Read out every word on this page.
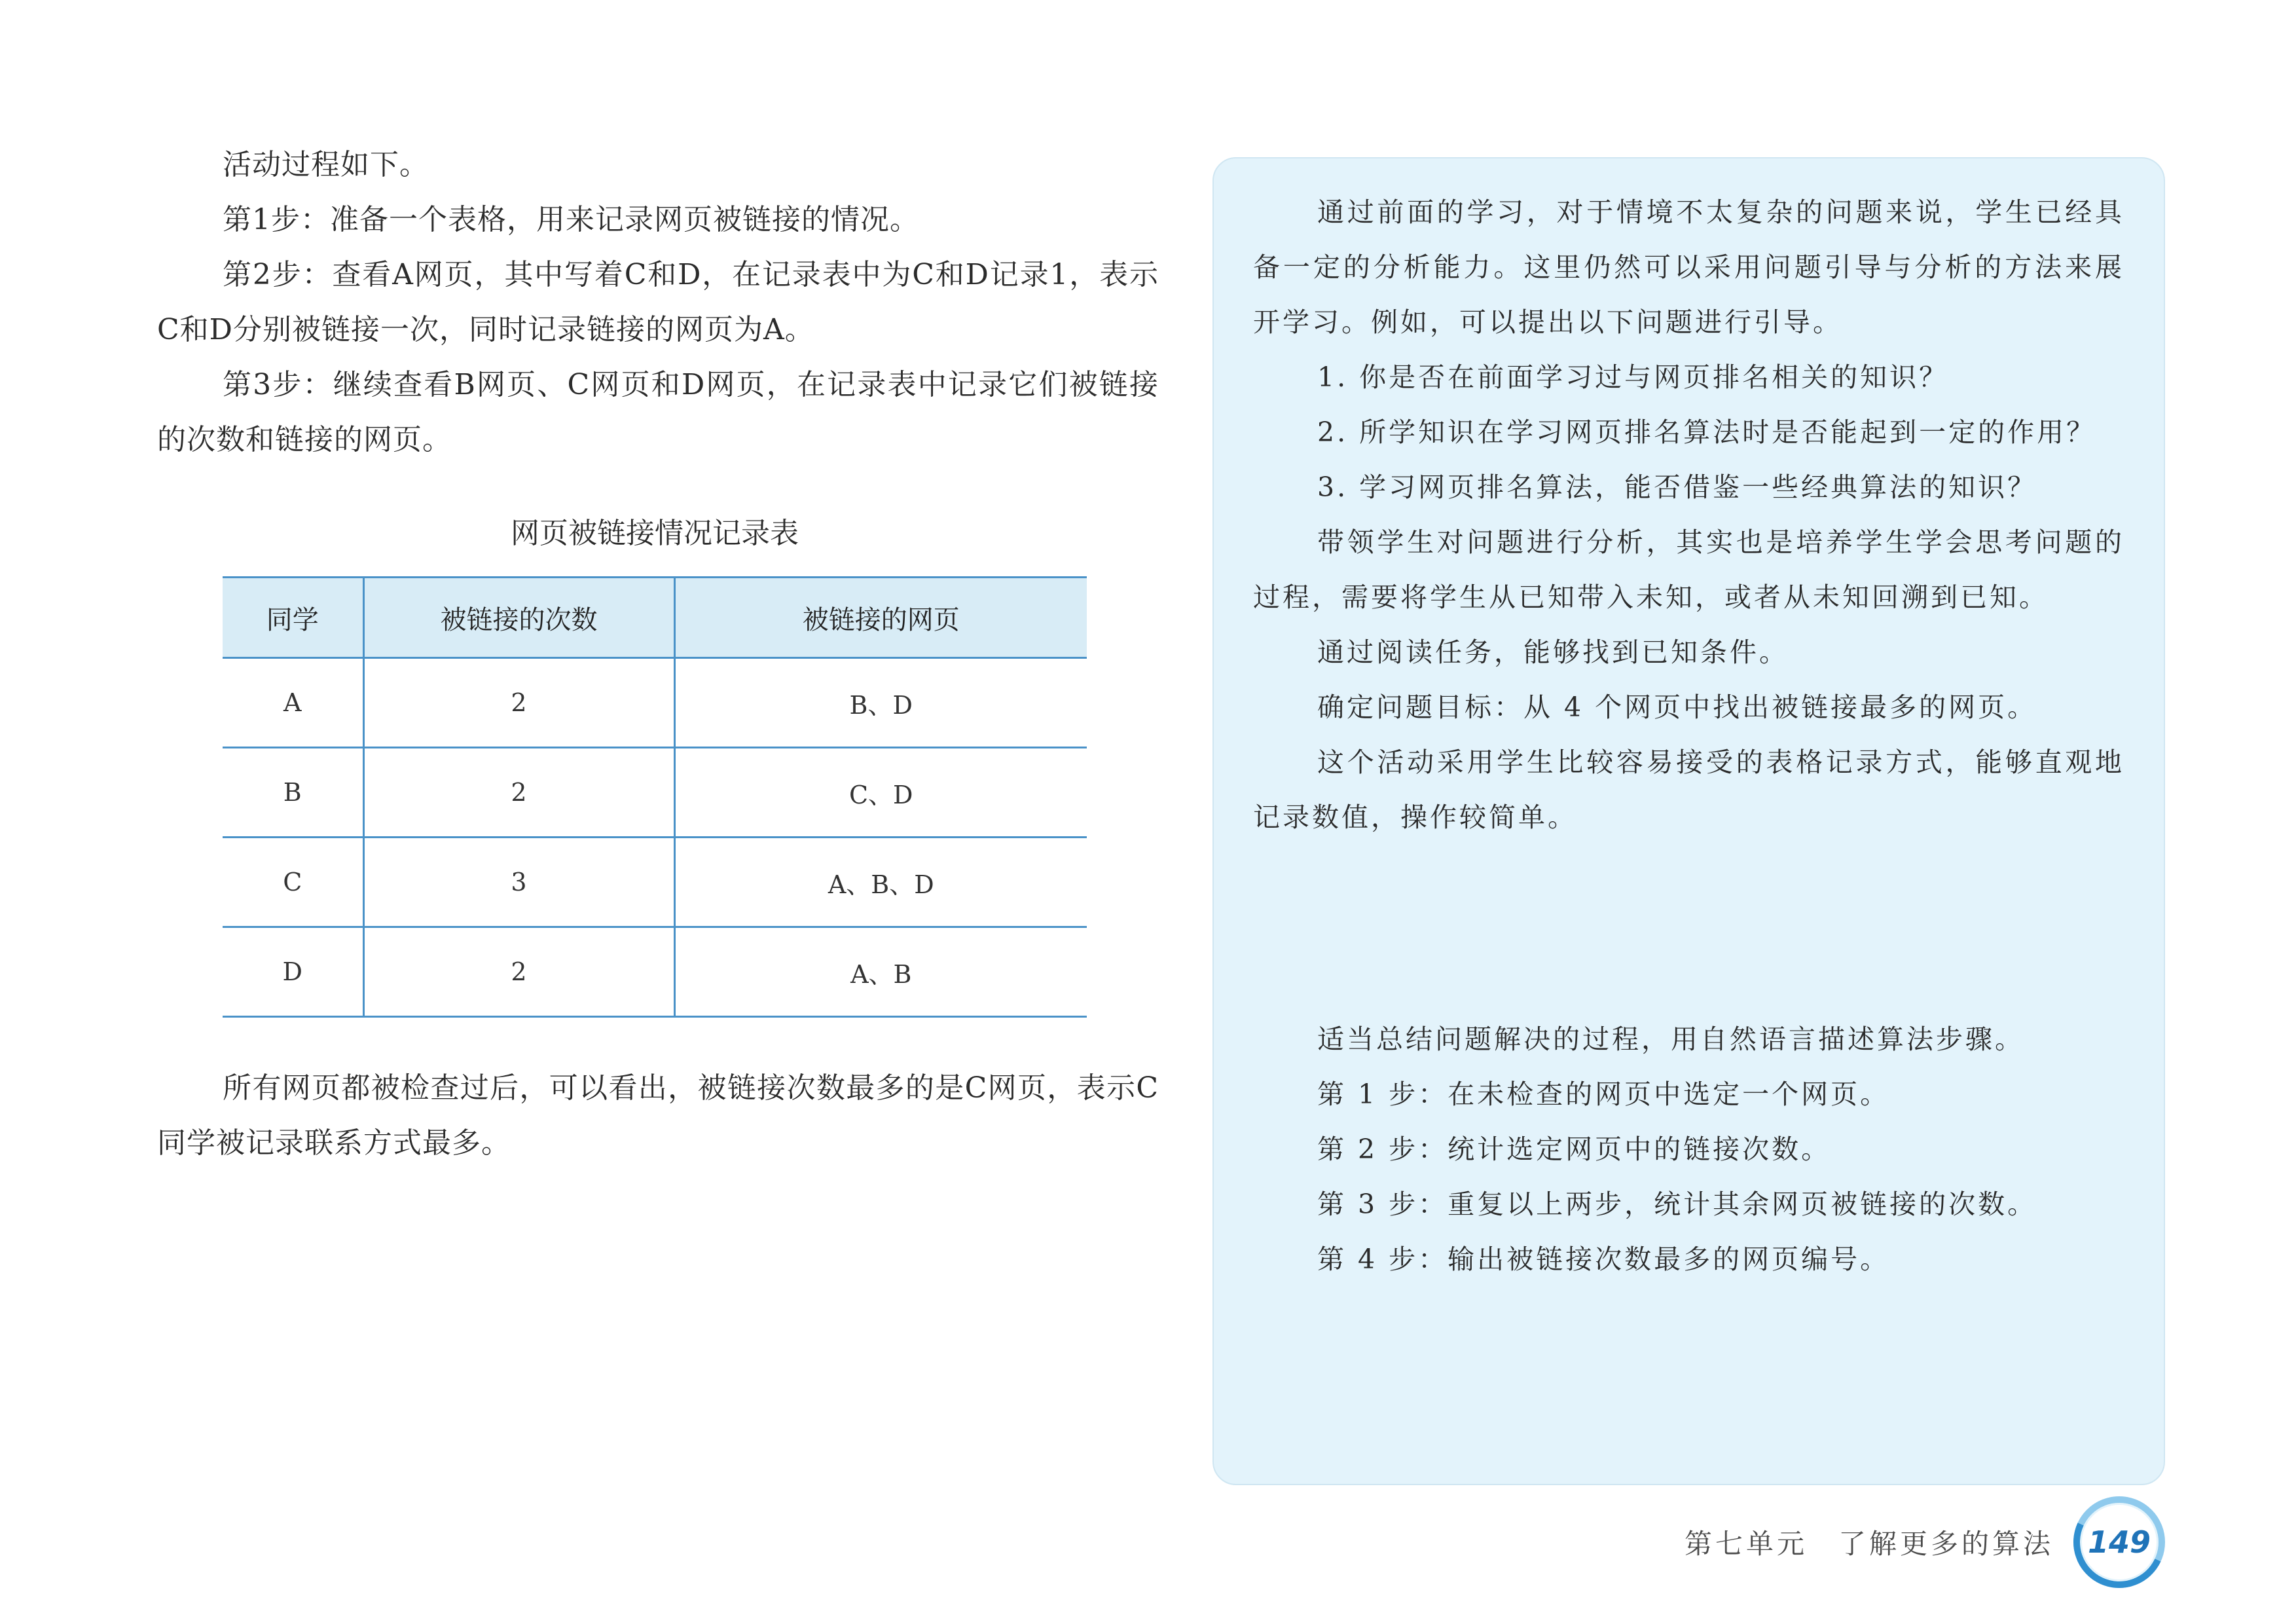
活动过程如下。

第1步：准备一个表格，用来记录网页被链接的情况。

第2步：查看A网页，其中写着C和D，在记录表中为C和D记录1，表示C和D分别被链接一次，同时记录链接的网页为A。

第3步：继续查看B网页、C网页和D网页，在记录表中记录它们被链接的次数和链接的网页。

网页被链接情况记录表
同学	被链接的次数	被链接的网页
A	2	B、D
B	2	C、D
C	3	A、B、D
D	2	A、B

所有网页都被检查过后，可以看出，被链接次数最多的是C网页，表示C同学被记录联系方式最多。

通过前面的学习，对于情境不太复杂的问题来说，学生已经具备一定的分析能力。这里仍然可以采用问题引导与分析的方法来展开学习。例如，可以提出以下问题进行引导。

1. 你是否在前面学习过与网页排名相关的知识？

2. 所学知识在学习网页排名算法时是否能起到一定的作用？

3. 学习网页排名算法，能否借鉴一些经典算法的知识？

带领学生对问题进行分析，其实也是培养学生学会思考问题的过程，需要将学生从已知带入未知，或者从未知回溯到已知。

通过阅读任务，能够找到已知条件。

确定问题目标：从 4 个网页中找出被链接最多的网页。

这个活动采用学生比较容易接受的表格记录方式，能够直观地记录数值，操作较简单。

适当总结问题解决的过程，用自然语言描述算法步骤。

第 1 步：在未检查的网页中选定一个网页。

第 2 步：统计选定网页中的链接次数。

第 3 步：重复以上两步，统计其余网页被链接的次数。

第 4 步：输出被链接次数最多的网页编号。

第七单元　了解更多的算法 149
